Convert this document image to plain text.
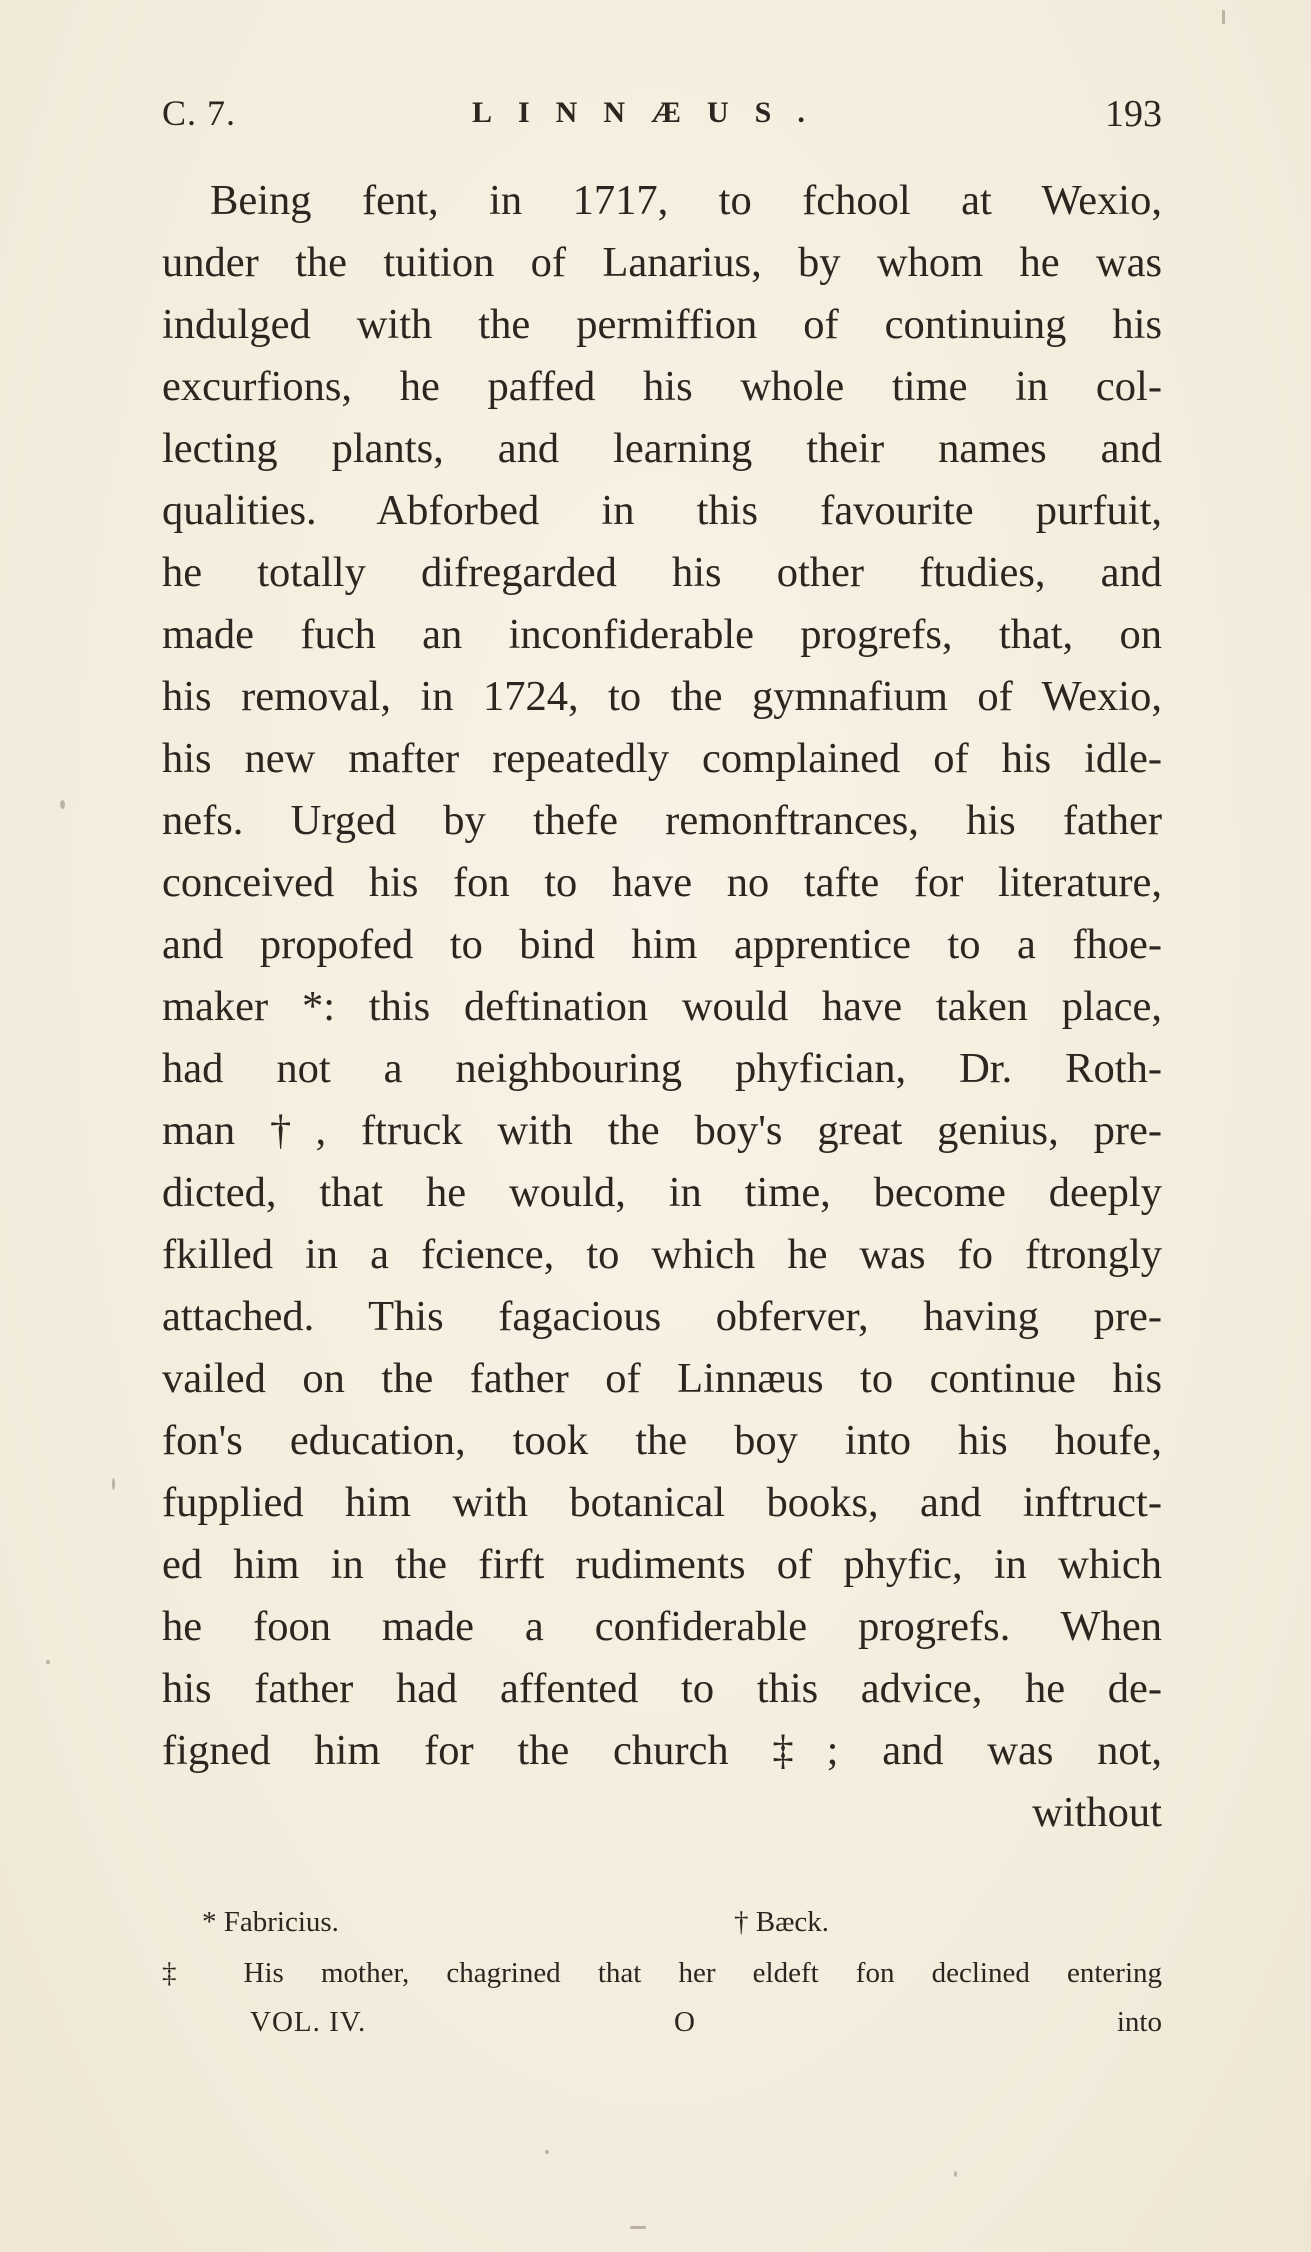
C. 7.	LINNÆUS.	193
Being fent, in 1717, to fchool at Wexio,
under the tuition of Lanarius, by whom he was
indulged with the permiffion of continuing his
excurfions, he paffed his whole time in col-
lecting plants, and learning their names and
qualities. Abforbed in this favourite purfuit,
he totally difregarded his other ftudies, and
made fuch an inconfiderable progrefs, that, on
his removal, in 1724, to the gymnafium of Wexio,
his new mafter repeatedly complained of his idle-
nefs. Urged by thefe remonftrances, his father
conceived his fon to have no tafte for literature,
and propofed to bind him apprentice to a fhoe-
maker *: this deftination would have taken place,
had not a neighbouring phyfician, Dr. Roth-
man †, ftruck with the boy's great genius, pre-
dicted, that he would, in time, become deeply
fkilled in a fcience, to which he was fo ftrongly
attached. This fagacious obferver, having pre-
vailed on the father of Linnæus to continue his
fon's education, took the boy into his houfe,
fupplied him with botanical books, and inftruct-
ed him in the firft rudiments of phyfic, in which
he foon made a confiderable progrefs. When
his father had affented to this advice, he de-
figned him for the church ‡; and was not,
without
* Fabricius.	† Bæck.
‡ His mother, chagrined that her eldeft fon declined entering
VOL. IV.	O	into
